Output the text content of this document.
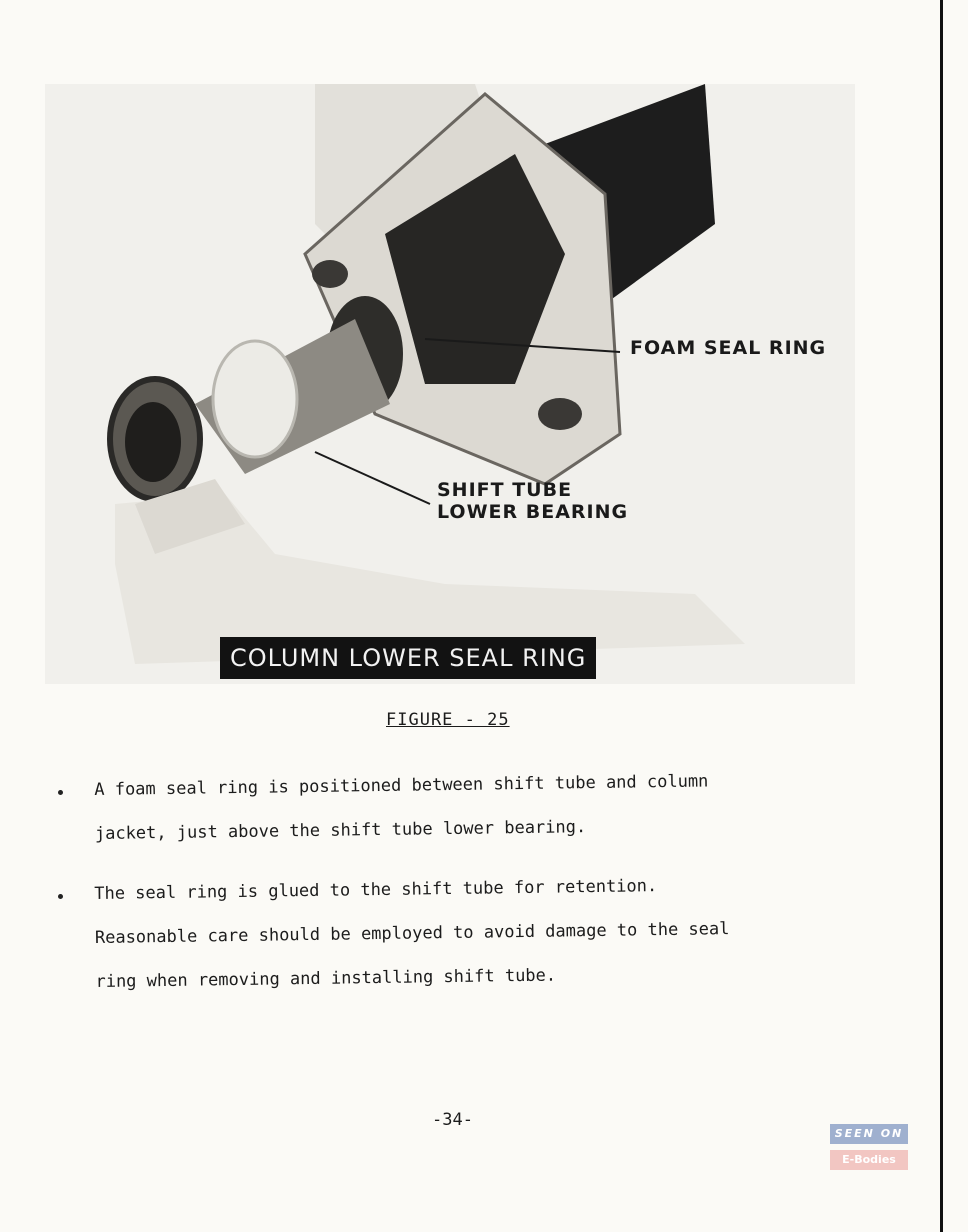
FOAM SEAL RING
SHIFT TUBE
LOWER BEARING
COLUMN LOWER SEAL RING
FIGURE - 25
A foam seal ring is positioned between shift tube and column
jacket, just above the shift tube lower bearing.
The seal ring is glued to the shift tube for retention.
Reasonable care should be employed to avoid damage to the seal
ring when removing and installing shift tube.
-34-
SEEN ON
E-Bodies
